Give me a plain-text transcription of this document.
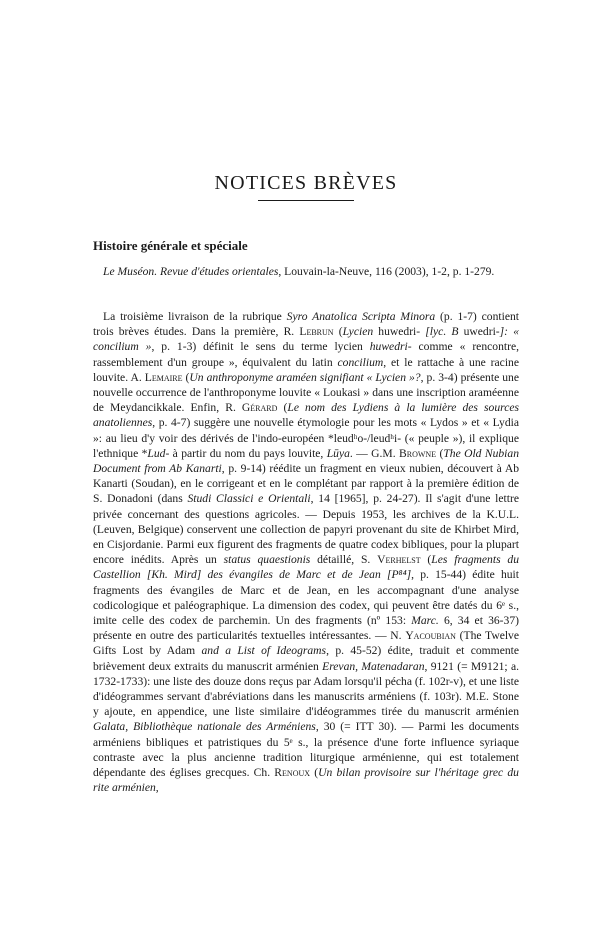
NOTICES BRÈVES
Histoire générale et spéciale

Le Muséon. Revue d'études orientales, Louvain-la-Neuve, 116 (2003), 1-2, p. 1-279.

La troisième livraison de la rubrique Syro Anatolica Scripta Minora (p. 1-7) contient trois brèves études. Dans la première, R. Lebrun (Lycien huwedri- [lyc. B uwedri-]: « concilium », p. 1-3) définit le sens du terme lycien huwedri- comme « rencontre, rassemblement d'un groupe », équivalent du latin concilium, et le rattache à une racine louvite. A. Lemaire (Un anthroponyme araméen signifiant « Lycien »?, p. 3-4) présente une nouvelle occurrence de l'anthroponyme louvite « Loukasi » dans une inscription araméenne de Meydancikkale. Enfin, R. Gérard (Le nom des Lydiens à la lumière des sources anatoliennes, p. 4-7) suggère une nouvelle étymologie pour les mots « Lydos » et « Lydia »: au lieu d'y voir des dérivés de l'indo-européen *leudʰo-/leudʰi- (« peuple »), il explique l'ethnique *Lud- à partir du nom du pays louvite, Lūya. — G.M. Browne (The Old Nubian Document from Ab Kanarti, p. 9-14) réédite un fragment en vieux nubien, découvert à Ab Kanarti (Soudan), en le corrigeant et en le complétant par rapport à la première édition de S. Donadoni (dans Studi Classici e Orientali, 14 [1965], p. 24-27). Il s'agit d'une lettre privée concernant des questions agricoles. — Depuis 1953, les archives de la K.U.L. (Leuven, Belgique) conservent une collection de papyri provenant du site de Khirbet Mird, en Cisjordanie. Parmi eux figurent des fragments de quatre codex bibliques, pour la plupart encore inédits. Après un status quaestionis détaillé, S. Verhelst (Les fragments du Castellion [Kh. Mird] des évangiles de Marc et de Jean [P⁸⁴], p. 15-44) édite huit fragments des évangiles de Marc et de Jean, en les accompagnant d'une analyse codicologique et paléographique. La dimension des codex, qui peuvent être datés du 6ᵉ s., imite celle des codex de parchemin. Un des fragments (nº 153: Marc. 6, 34 et 36-37) présente en outre des particularités textuelles intéressantes. — N. Yacoubian (The Twelve Gifts Lost by Adam and a List of Ideograms, p. 45-52) édite, traduit et commente brièvement deux extraits du manuscrit arménien Erevan, Matenadaran, 9121 (= M9121; a. 1732-1733): une liste des douze dons reçus par Adam lorsqu'il pécha (f. 102r-v), et une liste d'idéogrammes servant d'abréviations dans les manuscrits arméniens (f. 103r). M.E. Stone y ajoute, en appendice, une liste similaire d'idéogrammes tirée du manuscrit arménien Galata, Bibliothèque nationale des Arméniens, 30 (= ITT 30). — Parmi les documents arméniens bibliques et patristiques du 5ᵉ s., la présence d'une forte influence syriaque contraste avec la plus ancienne tradition liturgique arménienne, qui est totalement dépendante des églises grecques. Ch. Renoux (Un bilan provisoire sur l'héritage grec du rite arménien,
